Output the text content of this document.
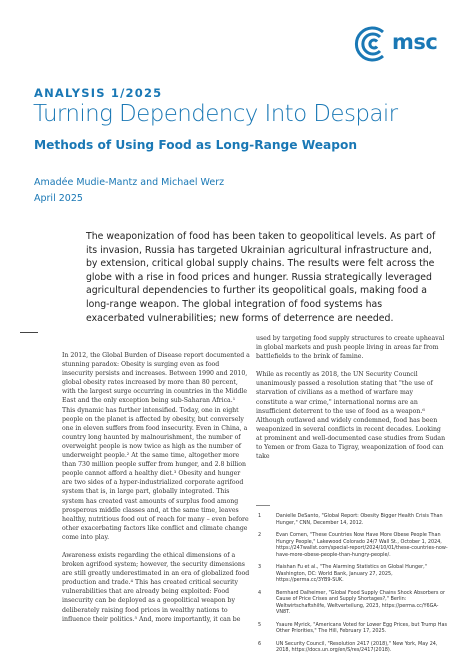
msc
ANALYSIS 1/2025
Turning Dependency Into Despair
Methods of Using Food as Long-Range Weapon
Amadée Mudie-Mantz and Michael Werz
April 2025

The weaponization of food has been taken to geopolitical levels. As part of its invasion, Russia has targeted Ukrainian agricultural infrastructure and, by extension, critical global supply chains. The results were felt across the globe with a rise in food prices and hunger. Russia strategically leveraged agricultural dependencies to further its geopolitical goals, making food a long-range weapon. The global integration of food systems has exacerbated vulnerabilities; new forms of deterrence are needed.

In 2012, the Global Burden of Disease report documented a stunning paradox: Obesity is surging even as food insecurity persists and increases. Between 1990 and 2010, global obesity rates increased by more than 80 percent, with the largest surge occurring in countries in the Middle East and the only exception being sub-Saharan Africa.¹ This dynamic has further intensified. Today, one in eight people on the planet is affected by obesity, but conversely one in eleven suffers from food insecurity. Even in China, a country long haunted by malnourishment, the number of overweight people is now twice as high as the number of underweight people.² At the same time, altogether more than 730 million people suffer from hunger, and 2.8 billion people cannot afford a healthy diet.³ Obesity and hunger are two sides of a hyper-industrialized corporate agrifood system that is, in large part, globally integrated. This system has created vast amounts of surplus food among prosperous middle classes and, at the same time, leaves healthy, nutritious food out of reach for many – even before other exacerbating factors like conflict and climate change come into play.

Awareness exists regarding the ethical dimensions of a broken agrifood system; however, the security dimensions are still greatly underestimated in an era of globalized food production and trade.⁴ This has created critical security vulnerabilities that are already being exploited: Food insecurity can be deployed as a geopolitical weapon by deliberately raising food prices in wealthy nations to influence their politics.⁵ And, more importantly, it can be

used by targeting food supply structures to create upheaval in global markets and push people living in areas far from battlefields to the brink of famine.

While as recently as 2018, the UN Security Council unanimously passed a resolution stating that "the use of starvation of civilians as a method of warfare may constitute a war crime," international norms are an insufficient deterrent to the use of food as a weapon.⁶ Although outlawed and widely condemned, food has been weaponized in several conflicts in recent decades. Looking at prominent and well-documented case studies from Sudan to Yemen or from Gaza to Tigray, weaponization of food can take

1	Danielle DeSanto, "Global Report: Obesity Bigger Health Crisis Than Hunger," CNN, December 14, 2012.
2	Evan Comen, "These Countries Now Have More Obese People Than Hungry People," Lakewood Colorado 24/7 Wall St., October 1, 2024, https://247wallst.com/special-report/2024/10/01/these-countries-now-have-more-obese-people-than-hungry-people/.
3	Haishan Fu et al., "The Alarming Statistics on Global Hunger," Washington, DC: World Bank, January 27, 2025, https://perma.cc/3YB9-SUK.
4	Bernhard Dalheimer, "Global Food Supply Chains Shock Absorbers or Cause of Price Crises and Supply Shortages?," Berlin: Weltwirtschaftshilfe, Weltverteilung, 2023, https://perma.cc/Y6GA-VN8T.
5	Ysaure Myrick, "Americans Voted for Lower Egg Prices, but Trump Has Other Priorities," The Hill, February 17, 2025.
6	UN Security Council, "Resolution 2417 (2018)," New York, May 24, 2018, https://docs.un.org/en/S/res/2417(2018).
